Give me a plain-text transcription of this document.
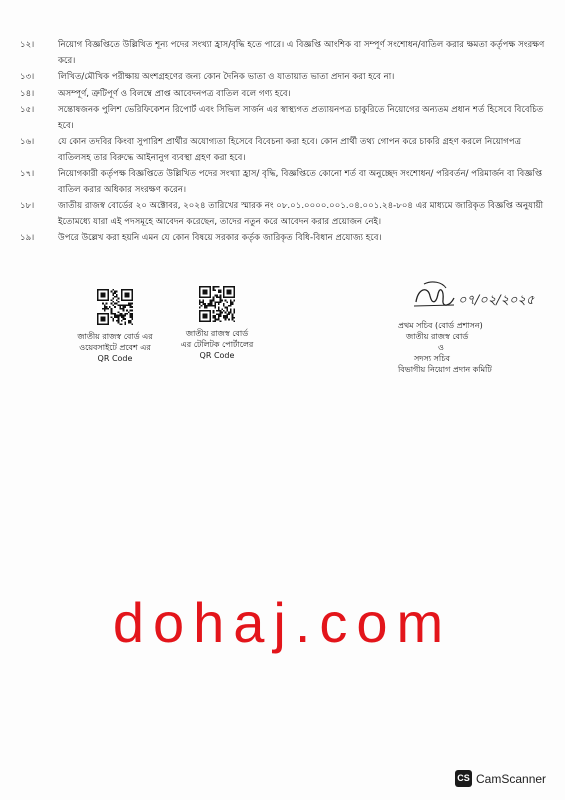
১২।	নিয়োগ বিজ্ঞপ্তিতে উল্লিখিত শূন্য পদের সংখ্যা হ্রাস/বৃদ্ধি হতে পারে। এ বিজ্ঞপ্তি আংশিক বা সম্পূর্ণ সংশোধন/বাতিল করার ক্ষমতা কর্তৃপক্ষ সংরক্ষণ করে।
১৩।	লিখিত/মৌখিক পরীক্ষায় অংশগ্রহণের জন্য কোন দৈনিক ভাতা ও যাতায়াত ভাতা প্রদান করা হবে না।
১৪।	অসম্পূর্ণ, ত্রুটিপূর্ণ ও বিলম্বে প্রাপ্ত আবেদনপত্র বাতিল বলে গণ্য হবে।
১৫।	সন্তোষজনক পুলিশ ভেরিফিকেশন রিপোর্ট এবং সিভিল সার্জন এর স্বাস্থ্যগত প্রত্যায়নপত্র চাকুরিতে নিয়োগের অন্যতম প্রধান শর্ত হিসেবে বিবেচিত হবে।
১৬।	যে কোন তদবির কিংবা সুপারিশ প্রার্থীর অযোগ্যতা হিসেবে বিবেচনা করা হবে। কোন প্রার্থী তথ্য গোপন করে চাকরি গ্রহণ করলে নিয়োগপত্র বাতিলসহ তার বিরুদ্ধে আইনানুগ ব্যবস্থা গ্রহণ করা হবে।
১৭।	নিয়োগকারী কর্তৃপক্ষ বিজ্ঞপ্তিতে উল্লিখিত পদের সংখ্যা হ্রাস/ বৃদ্ধি, বিজ্ঞপ্তিতে কোনো শর্ত বা অনুচ্ছেদ সংশোধন/ পরিবর্তন/ পরিমার্জন বা বিজ্ঞপ্তি বাতিল করার অধিকার সংরক্ষণ করেন।
১৮।	জাতীয় রাজস্ব বোর্ডের ২০ অক্টোবর, ২০২৪ তারিখের স্মারক নং ০৮.০১.০০০০.০০১.০৪.০০১.২৪-৮০৪ এর মাধ্যমে জারিকৃত বিজ্ঞপ্তি অনুযায়ী ইতোমধ্যে যারা এই পদসমূহে আবেদন করেছেন, তাদের নতুন করে আবেদন করার প্রয়োজন নেই।
১৯।	উপরে উল্লেখ করা হয়নি এমন যে কোন বিষয়ে সরকার কর্তৃক জারিকৃত বিধি-বিধান প্রযোজ্য হবে।
জাতীয় রাজস্ব বোর্ড এর
ওয়েবসাইটে প্রবেশ এর
QR Code
জাতীয় রাজস্ব বোর্ড
এর টেলিটক পোর্টালের
QR Code
০৭/০২/২০২৫
প্রথম সচিব (বোর্ড প্রশাসন)
জাতীয় রাজস্ব বোর্ড
ও
সদস্য সচিব
বিভাগীয় নিয়োগ প্রদান কমিটি
dohaj.com
CS CamScanner
